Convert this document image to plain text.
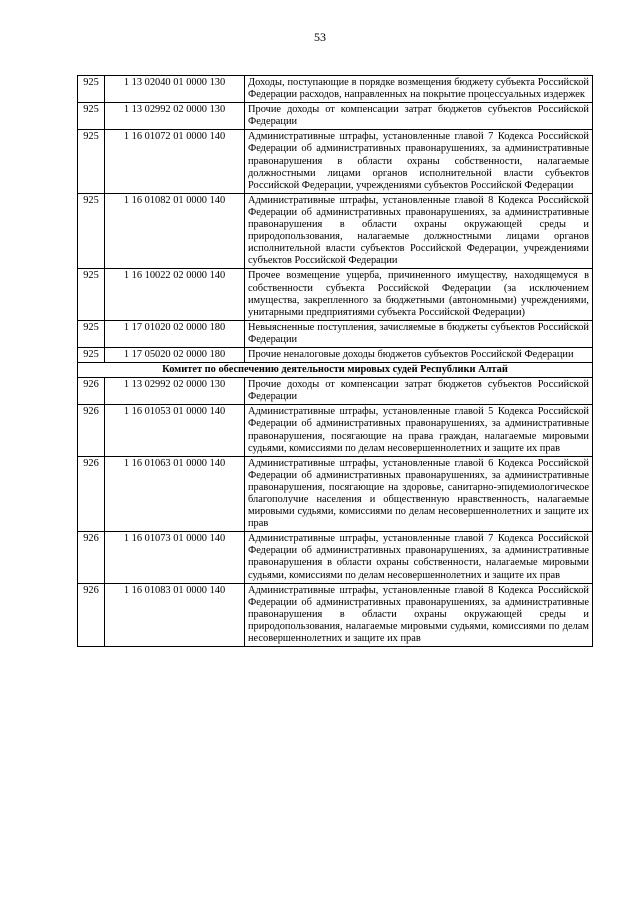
53
925	1 13 02040 01 0000 130	Доходы, поступающие в порядке возмещения бюджету субъекта Российской Федерации расходов, направленных на покрытие процессуальных издержек
925	1 13 02992 02 0000 130	Прочие доходы от компенсации затрат бюджетов субъектов Российской Федерации
925	1 16 01072 01 0000 140	Административные штрафы, установленные главой 7 Кодекса Российской Федерации об административных правонарушениях, за административные правонарушения в области охраны собственности, налагаемые должностными лицами органов исполнительной власти субъектов Российской Федерации, учреждениями субъектов Российской Федерации
925	1 16 01082 01 0000 140	Административные штрафы, установленные главой 8 Кодекса Российской Федерации об административных правонарушениях, за административные правонарушения в области охраны окружающей среды и природопользования, налагаемые должностными лицами органов исполнительной власти субъектов Российской Федерации, учреждениями субъектов Российской Федерации
925	1 16 10022 02 0000 140	Прочее возмещение ущерба, причиненного имуществу, находящемуся в собственности субъекта Российской Федерации (за исключением имущества, закрепленного за бюджетными (автономными) учреждениями, унитарными предприятиями субъекта Российской Федерации)
925	1 17 01020 02 0000 180	Невыясненные поступления, зачисляемые в бюджеты субъектов Российской Федерации
925	1 17 05020 02 0000 180	Прочие неналоговые доходы бюджетов субъектов Российской Федерации
Комитет по обеспечению деятельности мировых судей Республики Алтай		
926	1 13 02992 02 0000 130	Прочие доходы от компенсации затрат бюджетов субъектов Российской Федерации
926	1 16 01053 01 0000 140	Административные штрафы, установленные главой 5 Кодекса Российской Федерации об административных правонарушениях, за административные правонарушения, посягающие на права граждан, налагаемые мировыми судьями, комиссиями по делам несовершеннолетних и защите их прав
926	1 16 01063 01 0000 140	Административные штрафы, установленные главой 6 Кодекса Российской Федерации об административных правонарушениях, за административные правонарушения, посягающие на здоровье, санитарно-эпидемиологическое благополучие населения и общественную нравственность, налагаемые мировыми судьями, комиссиями по делам несовершеннолетних и защите их прав
926	1 16 01073 01 0000 140	Административные штрафы, установленные главой 7 Кодекса Российской Федерации об административных правонарушениях, за административные правонарушения в области охраны собственности, налагаемые мировыми судьями, комиссиями по делам несовершеннолетних и защите их прав
926	1 16 01083 01 0000 140	Административные штрафы, установленные главой 8 Кодекса Российской Федерации об административных правонарушениях, за административные правонарушения в области охраны окружающей среды и природопользования, налагаемые мировыми судьями, комиссиями по делам несовершеннолетних и защите их прав
